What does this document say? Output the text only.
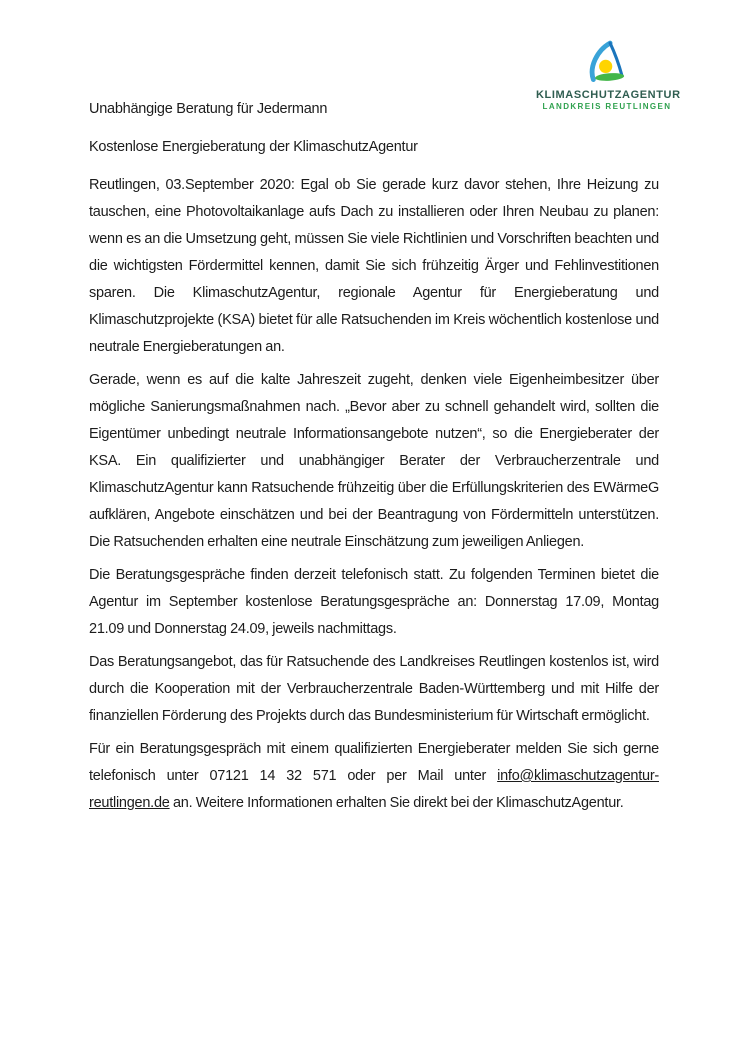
KLIMASCHUTZAGENTUR
LANDKREIS REUTLINGEN

Unabhängige Beratung für Jedermann

Kostenlose Energieberatung der KlimaschutzAgentur

Reutlingen, 03.September 2020: Egal ob Sie gerade kurz davor stehen, Ihre Heizung zu tauschen, eine Photovoltaikanlage aufs Dach zu installieren oder Ihren Neubau zu planen: wenn es an die Umsetzung geht, müssen Sie viele Richtlinien und Vorschriften beachten und die wichtigsten Fördermittel kennen, damit Sie sich frühzeitig Ärger und Fehlinvestitionen sparen. Die KlimaschutzAgentur, regionale Agentur für Energieberatung und Klimaschutzprojekte (KSA) bietet für alle Ratsuchenden im Kreis wöchentlich kostenlose und neutrale Energieberatungen an.

Gerade, wenn es auf die kalte Jahreszeit zugeht, denken viele Eigenheimbesitzer über mögliche Sanierungsmaßnahmen nach. „Bevor aber zu schnell gehandelt wird, sollten die Eigentümer unbedingt neutrale Informationsangebote nutzen“, so die Energieberater der KSA. Ein qualifizierter und unabhängiger Berater der Verbraucherzentrale und KlimaschutzAgentur kann Ratsuchende frühzeitig über die Erfüllungskriterien des EWärmeG aufklären, Angebote einschätzen und bei der Beantragung von Fördermitteln unterstützen. Die Ratsuchenden erhalten eine neutrale Einschätzung zum jeweiligen Anliegen.

Die Beratungsgespräche finden derzeit telefonisch statt. Zu folgenden Terminen bietet die Agentur im September kostenlose Beratungsgespräche an: Donnerstag 17.09, Montag 21.09 und Donnerstag 24.09, jeweils nachmittags.

Das Beratungsangebot, das für Ratsuchende des Landkreises Reutlingen kostenlos ist, wird durch die Kooperation mit der Verbraucherzentrale Baden-Württemberg und mit Hilfe der finanziellen Förderung des Projekts durch das Bundesministerium für Wirtschaft ermöglicht.

Für ein Beratungsgespräch mit einem qualifizierten Energieberater melden Sie sich gerne telefonisch unter 07121 14 32 571 oder per Mail unter info@klimaschutzagentur-reutlingen.de an. Weitere Informationen erhalten Sie direkt bei der KlimaschutzAgentur.
